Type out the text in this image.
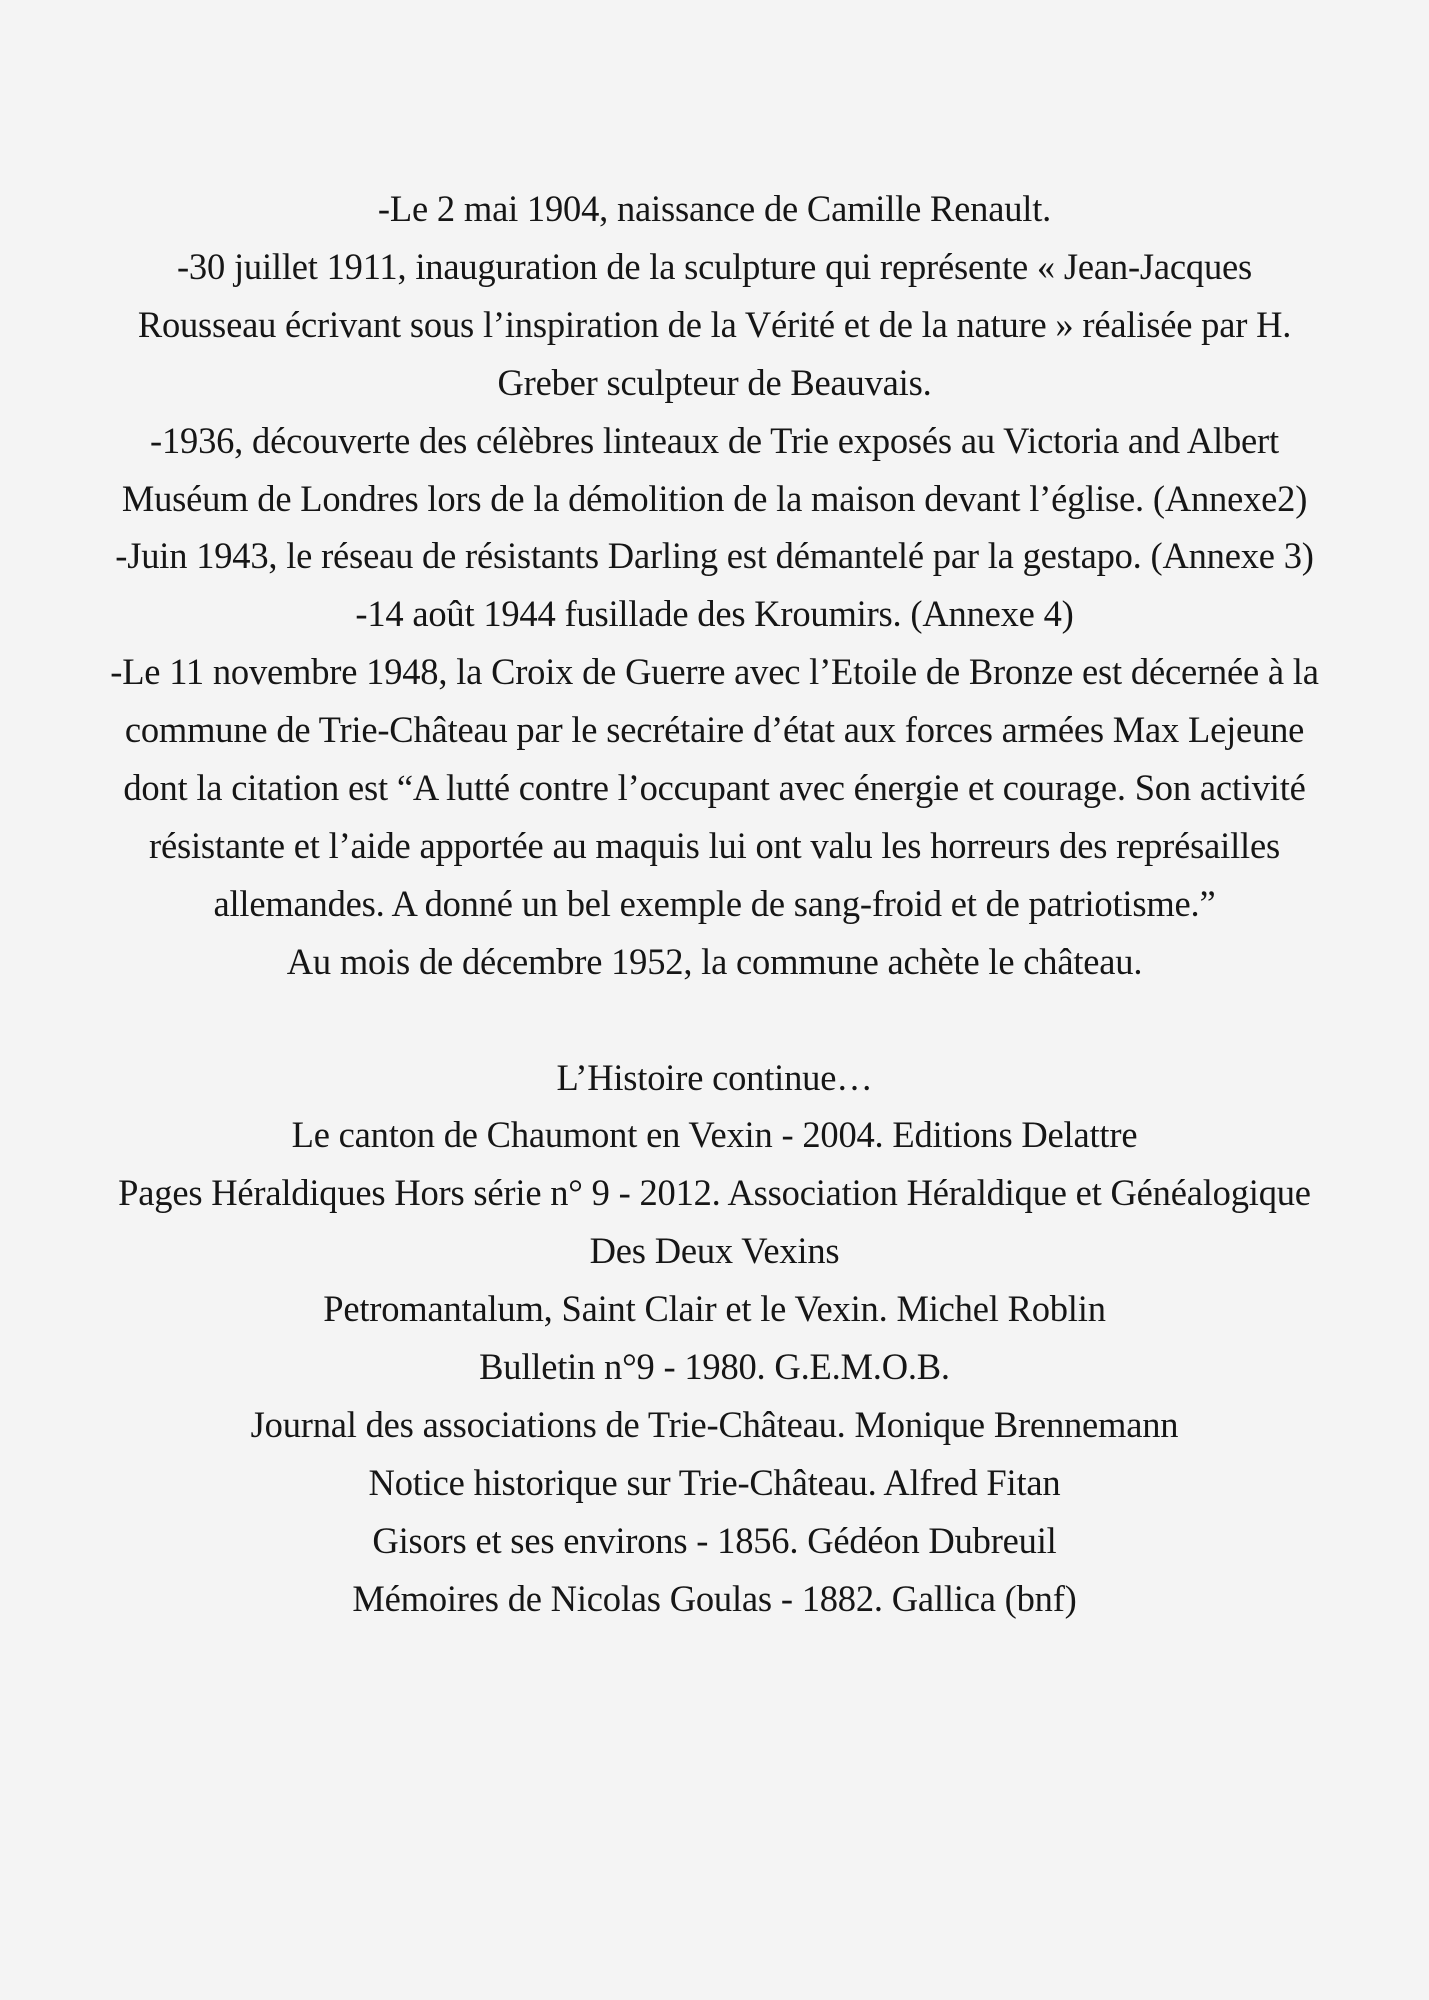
-Le 2 mai 1904, naissance de Camille Renault.
-30 juillet 1911, inauguration de la sculpture qui représente « Jean-Jacques
Rousseau écrivant sous l’inspiration de la Vérité et de la nature » réalisée par H.
Greber sculpteur de Beauvais.
-1936, découverte des célèbres linteaux de Trie exposés au Victoria and Albert
Muséum de Londres lors de la démolition de la maison devant l’église. (Annexe2)
-Juin 1943, le réseau de résistants Darling est démantelé par la gestapo. (Annexe 3)
-14 août 1944 fusillade des Kroumirs. (Annexe 4)
-Le 11 novembre 1948, la Croix de Guerre avec l’Etoile de Bronze est décernée à la
commune de Trie-Château par le secrétaire d’état aux forces armées Max Lejeune
dont la citation est “A lutté contre l’occupant avec énergie et courage. Son activité
résistante et l’aide apportée au maquis lui ont valu les horreurs des représailles
allemandes. A donné un bel exemple de sang-froid et de patriotisme.”
Au mois de décembre 1952, la commune achète le château.
L’Histoire continue…
Le canton de Chaumont en Vexin - 2004. Editions Delattre
Pages Héraldiques Hors série n° 9 - 2012. Association Héraldique et Généalogique
Des Deux Vexins
Petromantalum, Saint Clair et le Vexin. Michel Roblin
Bulletin n°9 - 1980. G.E.M.O.B.
Journal des associations de Trie-Château. Monique Brennemann
Notice historique sur Trie-Château. Alfred Fitan
Gisors et ses environs - 1856. Gédéon Dubreuil
Mémoires de Nicolas Goulas - 1882. Gallica (bnf)
